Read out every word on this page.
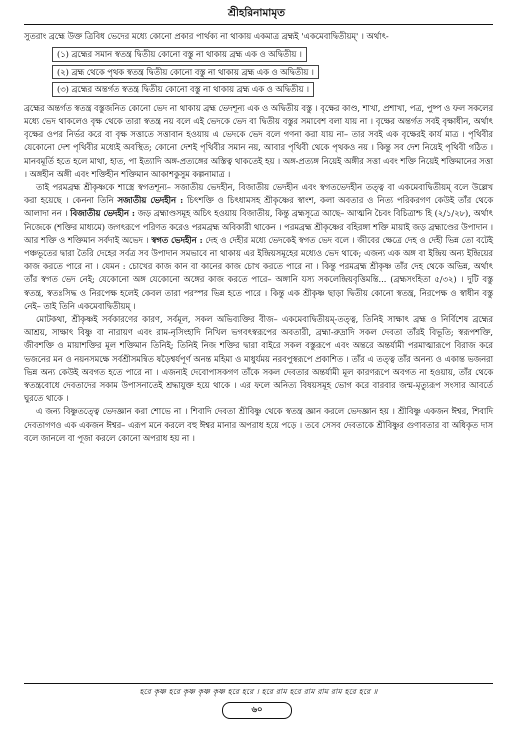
শ্রীহরিনামামৃত

সুতরাং ব্রহ্মে উক্ত ত্রিবিধ ভেদের মধ্যে কোনো প্রকার পার্থক্য না থাকায় একমাত্র ব্রহ্মই 'একমেবাদ্বিতীয়ম্' । অর্থাৎ-

(১) ব্রহ্মের সমান স্বতন্ত্র দ্বিতীয় কোনো বস্তু না থাকায় ব্রহ্ম এক ও অদ্বিতীয় ।
(২) ব্রহ্ম থেকে পৃথক স্বতন্ত্র দ্বিতীয় কোনো বস্তু না থাকায় ব্রহ্ম এক ও অদ্বিতীয় ।
(৩) ব্রহ্মের অন্তর্গত স্বতন্ত্র দ্বিতীয় কোনো বস্তু না থাকায় ব্রহ্ম এক ও অদ্বিতীয় ।

ব্রহ্মের অন্তর্গত স্বতন্ত্র বস্তুজনিত কোনো ভেদ না থাকায় ব্রহ্ম ভেদশূন্য এক ও অদ্বিতীয় বস্তু । বৃক্ষের কাণ্ড, শাখা, প্রশাখা, পত্র, পুষ্প ও ফল সকলের মধ্যে ভেদ থাকলেও বৃক্ষ থেকে তারা স্বতন্ত্র নয় বলে এই ভেদকে ভেদ বা দ্বিতীয় বস্তুর সমাবেশ বলা যায় না । বৃক্ষের অন্তর্গত সবই বৃক্ষাধীন, অর্থাৎ বৃক্ষের ওপর নির্ভর করে বা বৃক্ষ সত্তাতে সত্তাবান হওয়ায় এ ভেদকে ভেদ বলে গণনা করা যায় না– তার সবই এক বৃক্ষেরই কার্য মাত্র । পৃথিবীর যেকোনো দেশ পৃথিবীর মধ্যেই অবস্থিত; কোনো দেশই পৃথিবীর সমান নয়, আবার পৃথিবী থেকে পৃথকও নয় । কিন্তু সব দেশ নিয়েই পৃথিবী গঠিত । মানবমূর্তি হতে হলে মাথা, হাত, পা ইত্যাদি অঙ্গ-প্রত্যঙ্গের অস্তিত্ব থাকতেই হয় । অঙ্গ-প্রত্যঙ্গ নিয়েই অঙ্গীর সত্তা এবং শক্তি নিয়েই শক্তিমানের সত্তা । অঙ্গহীন অঙ্গী এবং শক্তিহীন শক্তিমান আকাশকুসুম কল্পনামাত্র ।

তাই পরমব্রহ্ম শ্রীকৃষ্ণকে শাস্ত্রে স্বগতশূন্য– সজাতীয় ভেদহীন, বিজাতীয় ভেদহীন এবং স্বগতভেদহীন তত্ত্ব বা একমেবাদ্বিতীয়ম্ বলে উল্লেখ করা হয়েছে । কেননা তিনি সজাতীয় ভেদহীন : চিৎশক্তি ও চিৎধামসহ শ্রীকৃষ্ণের স্বাংশ, কলা অবতার ও নিত্য পরিকরগণ কেউই তাঁর থেকে আলাদা নন । বিজাতীয় ভেদহীন : জড় ব্রহ্মাণ্ডসমূহ অচিৎ হওয়ায় বিজাতীয়, কিন্তু ব্রহ্মসূত্রে আছে– আত্মনি চৈবং বিচিত্রাশ্চ হি (২/১/২৮), অর্থাৎ নিজেকে (শক্তির মাধ্যমে) জগৎরূপে পরিণত করেও পরমব্রহ্ম অবিকারী থাকেন । পরমব্রহ্ম শ্রীকৃষ্ণের বহিরঙ্গা শক্তি মায়াই জড় ব্রহ্মাণ্ডের উপাদান । আর শক্তি ও শক্তিমান সর্বদাই অভেদ । স্বগত ভেদহীন : দেহ ও দেহীর মধ্যে ভেদকেই স্বগত ভেদ বলে । জীবের ক্ষেত্রে দেহ ও দেহী ভিন্ন তো বটেই পঞ্চভূতের দ্বারা তৈরি দেহের সর্বত্র সব উপাদান সমভাবে না থাকায় এর ইন্দ্রিয়সমূহের মধ্যেও ভেদ থাকে; এজন্য এক অঙ্গ বা ইন্দ্রিয় অন্য ইন্দ্রিয়ের কাজ করতে পারে না । যেমন : চোখের কাজ কান বা কানের কাজ চোখ করতে পারে না । কিন্তু পরমব্রহ্ম শ্রীকৃষ্ণ তাঁর দেহ থেকে অভিন্ন, অর্থাৎ তাঁর স্বগত ভেদ নেই; যেকোনো অঙ্গ যেকোনো অঙ্গের কাজ করতে পারে– অঙ্গানি যস্য সকলেন্দ্রিয়বৃত্তিমন্তি... (ব্রহ্মসংহিতা ৫/৩২) । দুটি বস্তু স্বতন্ত্র, স্বতঃসিদ্ধ ও নিরপেক্ষ হলেই কেবল তারা পরস্পর ভিন্ন হতে পারে । কিন্তু এক শ্রীকৃষ্ণ ছাড়া দ্বিতীয় কোনো স্বতন্ত্র, নিরপেক্ষ ও স্বাধীন বস্তু নেই– তাই তিনি একমেবাদ্বিতীয়ম্ ।

মোটকথা, শ্রীকৃষ্ণই সর্বকারণের কারণ, সর্বমূল, সকল অভিব্যক্তির বীজ– একমেবাদ্বিতীয়ম্-তত্ত্ব, তিনিই সাক্ষাৎ ব্রহ্ম ও নির্বিশেষ ব্রহ্মের আশ্রয়, সাক্ষাৎ বিষ্ণু বা নারায়ণ এবং রাম-নৃসিংহাদি নিখিল ভগবৎস্বরূপের অবতারী, ব্রহ্মা-রুদ্রাদি সকল দেবতা তাঁরই বিভূতি; স্বরূপশক্তি, জীবশক্তি ও মায়াশক্তির মূল শক্তিমান তিনিই; তিনিই নিজ শক্তির দ্বারা বাইরে সকল বস্তুরূপে এবং অন্তরে অন্তর্যামী পরমাত্মারূপে বিরাজ করে ভজনের মন ও নয়নসমক্ষে সর্বশ্রীসমন্বিত ষড়ৈশ্বর্যপূর্ণ অনন্ত মহিমা ও মাধুর্যময় নরবপুস্বরূপে প্রকাশিত । তাঁর এ তত্ত্ব তাঁর অনন্য ও একান্ত ভজনরা ভিন্ন অন্য কেউই অবগত হতে পারে না । এজন্যই দেবোপাসকগণ তাঁকে সকল দেবতার অন্তর্যামী মূল কারণরূপে অবগত না হওয়ায়, তাঁর থেকে স্বতন্ত্রবোধে দেবতাদের সকাম উপাসনাতেই শ্রদ্ধাযুক্ত হয়ে থাকে । এর ফলে অনিত্য বিষয়সমূহ ভোগ করে বারবার জন্ম-মৃত্যুরূপ সংসার আবর্তে ঘুরতে থাকে ।

এ জন্য বিষ্ণুতত্ত্বে ভেদজ্ঞান করা শোভে না । শিবাদি দেবতা শ্রীবিষ্ণু থেকে স্বতন্ত্র জ্ঞান করলে ভেদজ্ঞান হয় । শ্রীবিষ্ণু একজন ঈশ্বর, শিবাদি দেবতাগণও এক একজন ঈশ্বর– এরূপ মনে করলে বহু ঈশ্বর মানার অপরাধ হয়ে পড়ে । তবে সেসব দেবতাকে শ্রীবিষ্ণুর গুণাবতার বা অধিকৃত দাস বলে জানলে বা পূজা করলে কোনো অপরাধ হয় না ।

হরে কৃষ্ণ হরে কৃষ্ণ কৃষ্ণ কৃষ্ণ হরে হরে । হরে রাম হরে রাম রাম রাম হরে হরে ॥
৬০
